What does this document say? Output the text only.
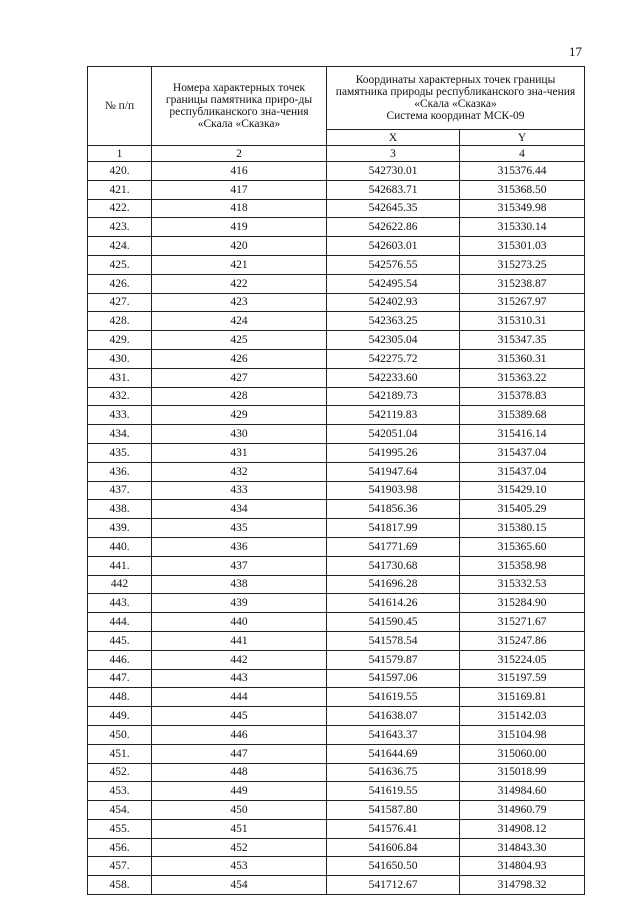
17
№ п/п	Номера характерных точек границы памятника приро-ды республиканского зна-чения «Скала «Сказка»	Координаты характерных точек границы памятника природы республиканского зна-чения «Скала «Сказка»
Система координат МСК-09	

		X	Y
1	2	3	4
420.	416	542730.01	315376.44
421.	417	542683.71	315368.50
422.	418	542645.35	315349.98
423.	419	542622.86	315330.14
424.	420	542603.01	315301.03
425.	421	542576.55	315273.25
426.	422	542495.54	315238.87
427.	423	542402.93	315267.97
428.	424	542363.25	315310.31
429.	425	542305.04	315347.35
430.	426	542275.72	315360.31
431.	427	542233.60	315363.22
432.	428	542189.73	315378.83
433.	429	542119.83	315389.68
434.	430	542051.04	315416.14
435.	431	541995.26	315437.04
436.	432	541947.64	315437.04
437.	433	541903.98	315429.10
438.	434	541856.36	315405.29
439.	435	541817.99	315380.15
440.	436	541771.69	315365.60
441.	437	541730.68	315358.98
442	438	541696.28	315332.53
443.	439	541614.26	315284.90
444.	440	541590.45	315271.67
445.	441	541578.54	315247.86
446.	442	541579.87	315224.05
447.	443	541597.06	315197.59
448.	444	541619.55	315169.81
449.	445	541638.07	315142.03
450.	446	541643.37	315104.98
451.	447	541644.69	315060.00
452.	448	541636.75	315018.99
453.	449	541619.55	314984.60
454.	450	541587.80	314960.79
455.	451	541576.41	314908.12
456.	452	541606.84	314843.30
457.	453	541650.50	314804.93
458.	454	541712.67	314798.32
